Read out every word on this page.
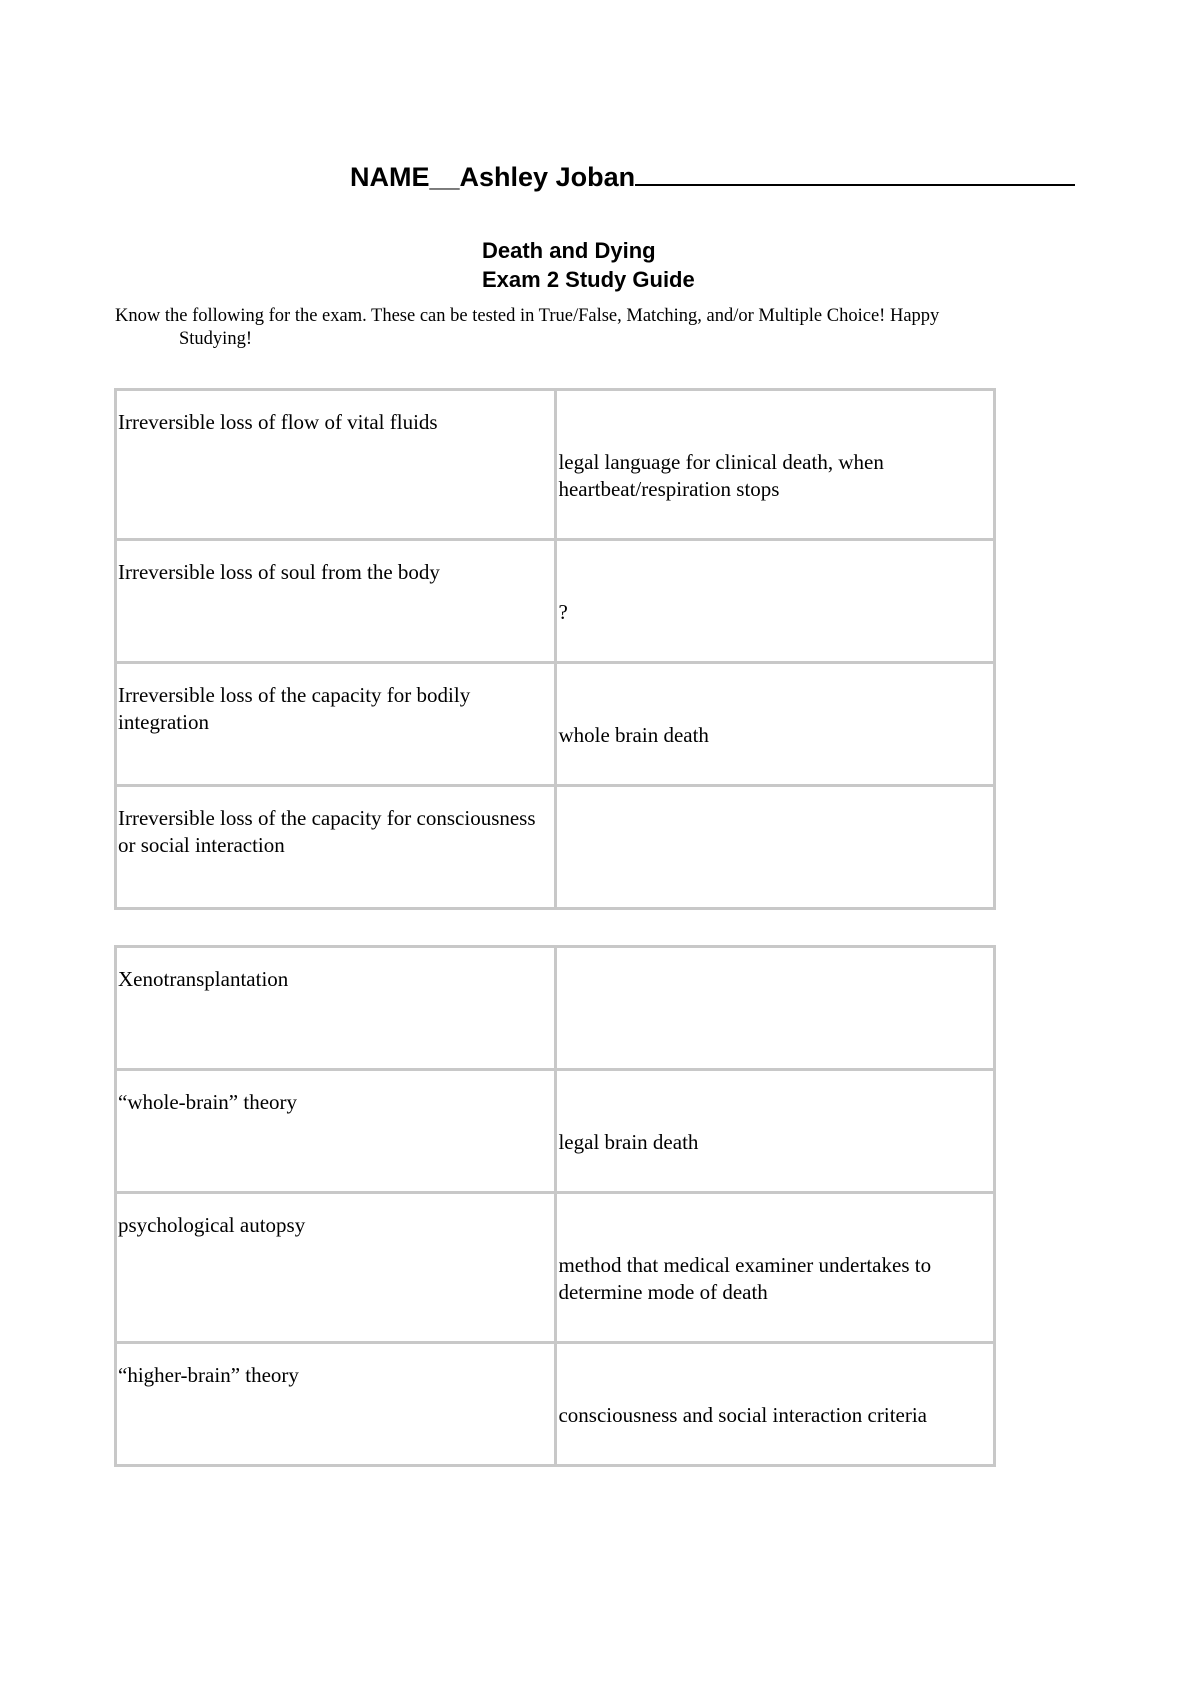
NAME__Ashley Joban
Death and Dying
Exam 2 Study Guide
Know the following for the exam. These can be tested in True/False, Matching, and/or Multiple Choice! Happy
Studying!
Irreversible loss of flow of vital fluids	legal language for clinical death, when heartbeat/respiration stops
Irreversible loss of soul from the body	?
Irreversible loss of the capacity for bodily integration	whole brain death
Irreversible loss of the capacity for consciousness or social interaction	
Xenotransplantation	
“whole-brain” theory	legal brain death
psychological autopsy	method that medical examiner undertakes to determine mode of death
“higher-brain” theory	consciousness and social interaction criteria
